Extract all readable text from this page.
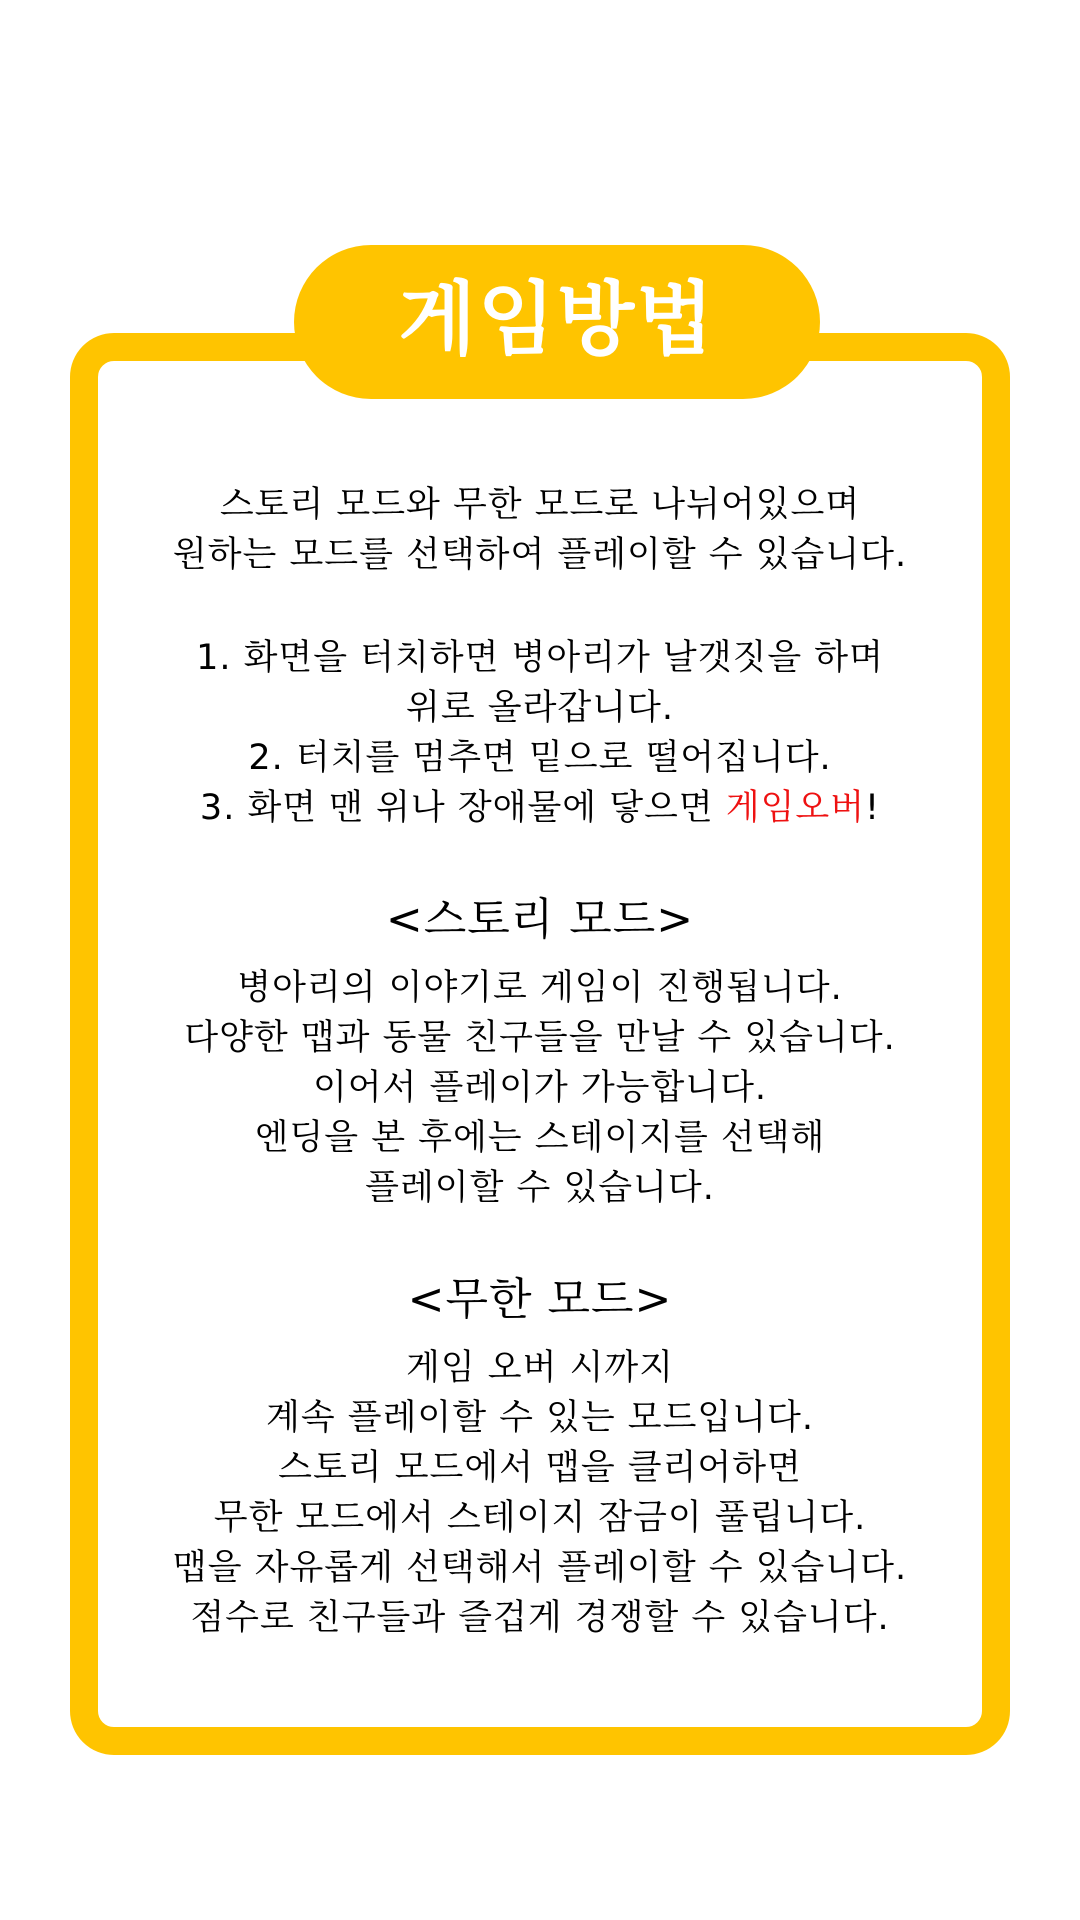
게임방법
스토리 모드와 무한 모드로 나뉘어있으며
원하는 모드를 선택하여 플레이할 수 있습니다.
1. 화면을 터치하면 병아리가 날갯짓을 하며
위로 올라갑니다.
2. 터치를 멈추면 밑으로 떨어집니다.
3. 화면 맨 위나 장애물에 닿으면 게임오버!
<스토리 모드>
병아리의 이야기로 게임이 진행됩니다.
다양한 맵과 동물 친구들을 만날 수 있습니다.
이어서 플레이가 가능합니다.
엔딩을 본 후에는 스테이지를 선택해
플레이할 수 있습니다.
<무한 모드>
게임 오버 시까지
계속 플레이할 수 있는 모드입니다.
스토리 모드에서 맵을 클리어하면
무한 모드에서 스테이지 잠금이 풀립니다.
맵을 자유롭게 선택해서 플레이할 수 있습니다.
점수로 친구들과 즐겁게 경쟁할 수 있습니다.
